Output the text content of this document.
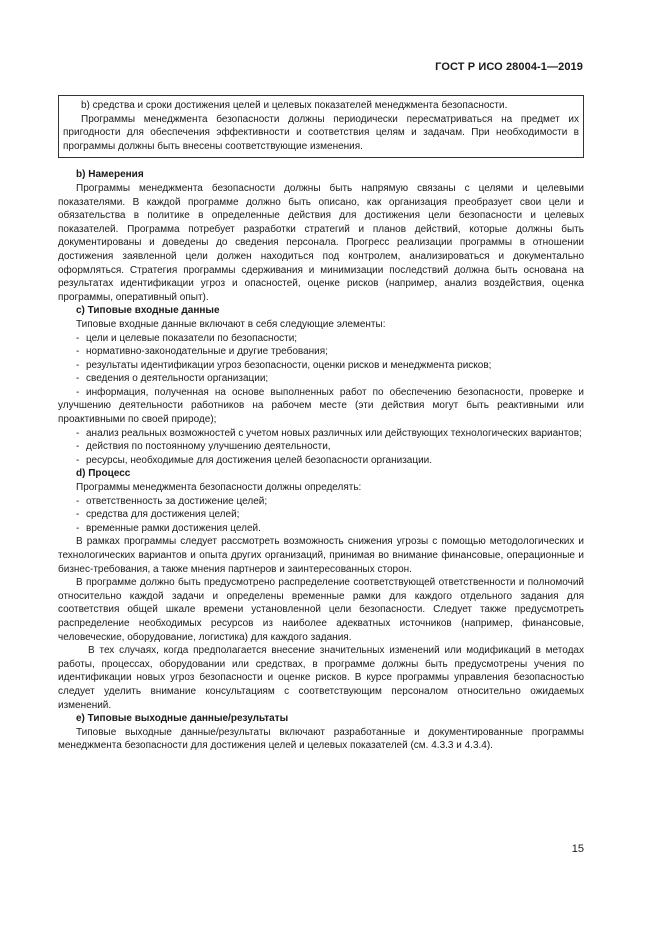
ГОСТ Р ИСО 28004-1—2019

b) средства и сроки достижения целей и целевых показателей менеджмента безопасности.

Программы менеджмента безопасности должны периодически пересматриваться на предмет их пригодности для обеспечения эффективности и соответствия целям и задачам. При необходимости в программы должны быть внесены соответствующие изменения.

b) Намерения

Программы менеджмента безопасности должны быть напрямую связаны с целями и целевыми показателями. В каждой программе должно быть описано, как организация преобразует свои цели и обязательства в политике в определенные действия для достижения цели безопасности и целевых показателей. Программа потребует разработки стратегий и планов действий, которые должны быть документированы и доведены до сведения персонала. Прогресс реализации программы в отношении достижения заявленной цели должен находиться под контролем, анализироваться и документально оформляться. Стратегия программы сдерживания и минимизации последствий должна быть основана на результатах идентификации угроз и опасностей, оценке рисков (например, анализ воздействия, оценка программы, оперативный опыт).

c) Типовые входные данные

Типовые входные данные включают в себя следующие элементы:

- цели и целевые показатели по безопасности;
- нормативно-законодательные и другие требования;
- результаты идентификации угроз безопасности, оценки рисков и менеджмента рисков;
- сведения о деятельности организации;
- информация, полученная на основе выполненных работ по обеспечению безопасности, проверке и улучшению деятельности работников на рабочем месте (эти действия могут быть реактивными или проактивными по своей природе);
- анализ реальных возможностей с учетом новых различных или действующих технологических вариантов;
- действия по постоянному улучшению деятельности,
- ресурсы, необходимые для достижения целей безопасности организации.

d) Процесс

Программы менеджмента безопасности должны определять:

- ответственность за достижение целей;
- средства для достижения целей;
- временные рамки достижения целей.

В рамках программы следует рассмотреть возможность снижения угрозы с помощью методологических и технологических вариантов и опыта других организаций, принимая во внимание финансовые, операционные и бизнес-требования, а также мнения партнеров и заинтересованных сторон.

В программе должно быть предусмотрено распределение соответствующей ответственности и полномочий относительно каждой задачи и определены временные рамки для каждого отдельного задания для соответствия общей шкале времени установленной цели безопасности. Следует также предусмотреть распределение необходимых ресурсов из наиболее адекватных источников (например, финансовые, человеческие, оборудование, логистика) для каждого задания.

В тех случаях, когда предполагается внесение значительных изменений или модификаций в методах работы, процессах, оборудовании или средствах, в программе должны быть предусмотрены учения по идентификации новых угроз безопасности и оценке рисков. В курсе программы управления безопасностью следует уделить внимание консультациям с соответствующим персоналом относительно ожидаемых изменений.

e) Типовые выходные данные/результаты

Типовые выходные данные/результаты включают разработанные и документированные программы менеджмента безопасности для достижения целей и целевых показателей (см. 4.3.3 и 4.3.4).

15
